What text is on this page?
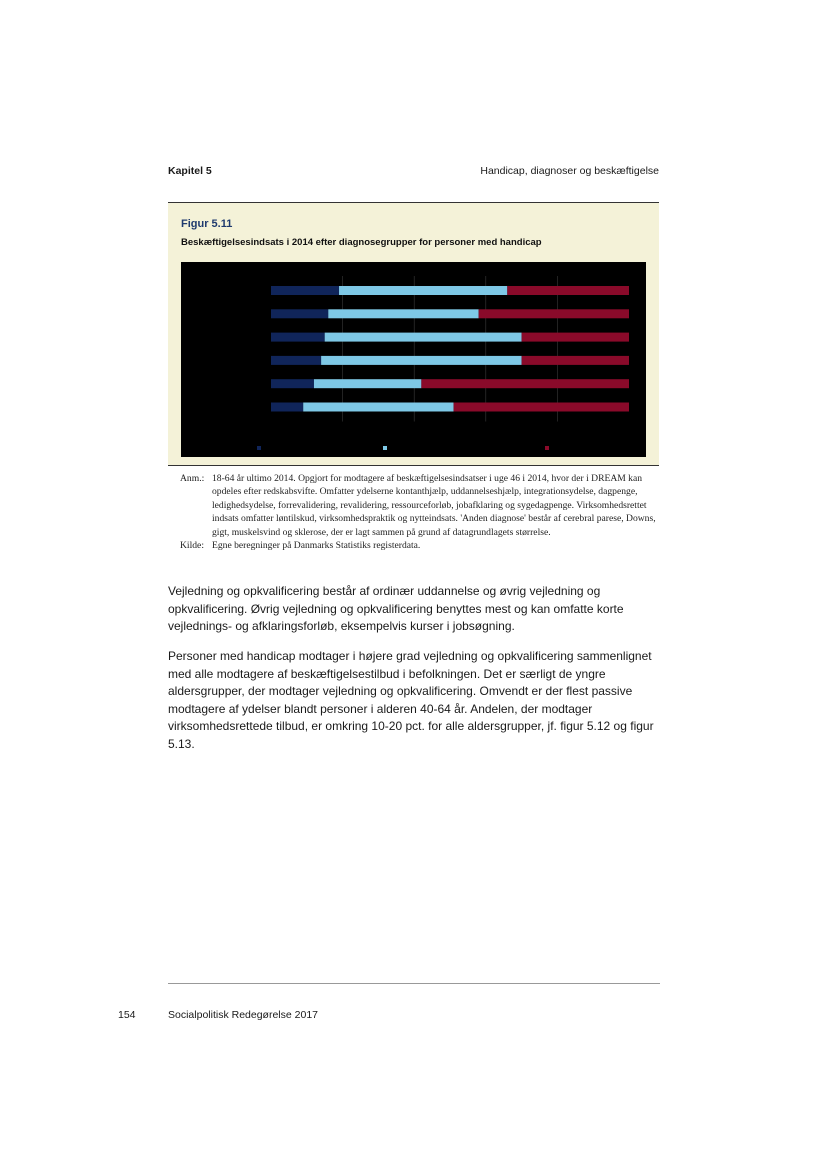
Kapitel 5	Handicap, diagnoser og beskæftigelse
Figur 5.11
Beskæftigelsesindsats i 2014 efter diagnosegrupper for personer med handicap
Anm.: 18-64 år ultimo 2014. Opgjort for modtagere af beskæftigelsesindsatser i uge 46 i 2014, hvor der i DREAM kan opdeles efter redskabsvifte. Omfatter ydelserne kontanthjælp, uddannelseshjælp, integrationsydelse, dagpenge, ledighedsydelse, forrevalidering, revalidering, ressourceforløb, jobafklaring og sygedagpenge. Virksomhedsrettet indsats omfatter løntilskud, virksomhedspraktik og nytteindsats. 'Anden diagnose' består af cerebral parese, Downs, gigt, muskelsvind og sklerose, der er lagt sammen på grund af datagrundlagets størrelse.
Kilde: Egne beregninger på Danmarks Statistiks registerdata.
Vejledning og opkvalificering består af ordinær uddannelse og øvrig vejledning og opkvalificering. Øvrig vejledning og opkvalificering benyttes mest og kan omfatte korte vejlednings- og afklaringsforløb, eksempelvis kurser i jobsøgning.
Personer med handicap modtager i højere grad vejledning og opkvalificering sammenlignet med alle modtagere af beskæftigelsestilbud i befolkningen. Det er særligt de yngre aldersgrupper, der modtager vejledning og opkvalificering. Omvendt er der flest passive modtagere af ydelser blandt personer i alderen 40-64 år. Andelen, der modtager virksomhedsrettede tilbud, er omkring 10-20 pct. for alle aldersgrupper, jf. figur 5.12 og figur 5.13.
154	Socialpolitisk Redegørelse 2017
